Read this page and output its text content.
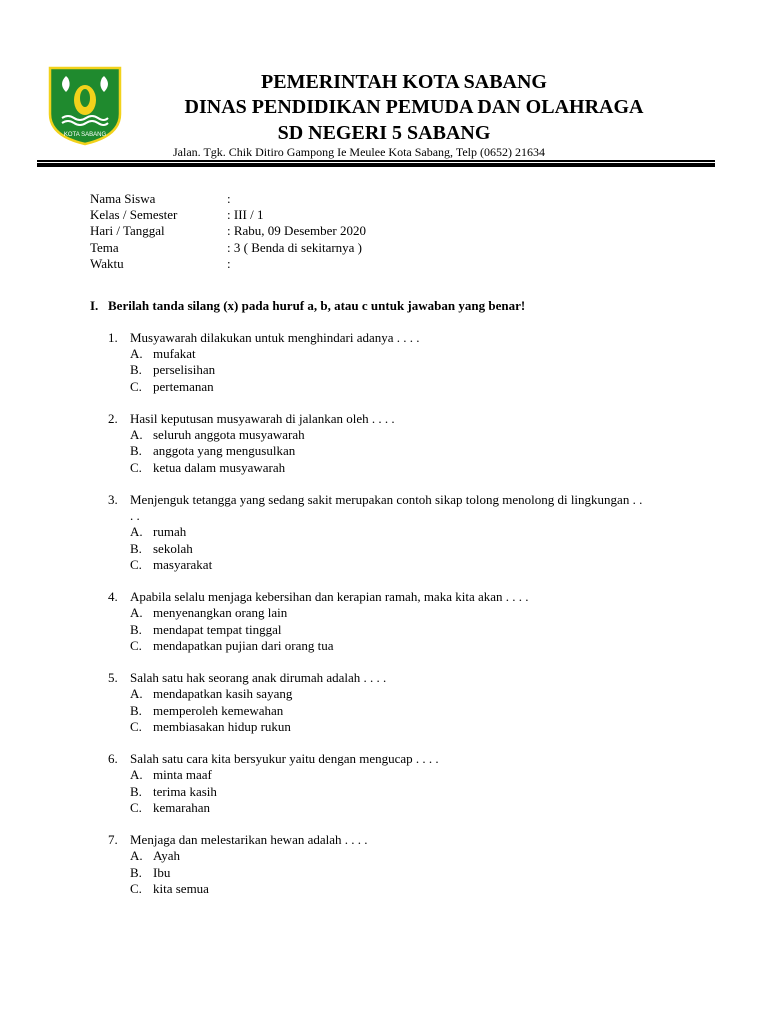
KOTA SABANG
PEMERINTAH KOTA SABANG
DINAS PENDIDIKAN PEMUDA DAN OLAHRAGA
SD NEGERI 5 SABANG
Jalan. Tgk. Chik Ditiro Gampong Ie Meulee Kota Sabang, Telp (0652) 21634
Nama Siswa	:
Kelas / Semester	: III / 1
Hari / Tanggal	: Rabu, 09 Desember 2020
Tema	: 3 ( Benda di sekitarnya )
Waktu	:
I. Berilah tanda silang (x) pada huruf a, b, atau c untuk jawaban yang benar!
1. Musyawarah dilakukan untuk menghindari adanya . . . .
A. mufakat
B. perselisihan
C. pertemanan
2. Hasil keputusan musyawarah di jalankan oleh . . . .
A. seluruh anggota musyawarah
B. anggota yang mengusulkan
C. ketua dalam musyawarah
3. Menjenguk tetangga yang sedang sakit merupakan contoh sikap tolong menolong di lingkungan . . . .
A. rumah
B. sekolah
C. masyarakat
4. Apabila selalu menjaga kebersihan dan kerapian ramah, maka kita akan . . . .
A. menyenangkan orang lain
B. mendapat tempat tinggal
C. mendapatkan pujian dari orang tua
5. Salah satu hak seorang anak dirumah adalah . . . .
A. mendapatkan kasih sayang
B. memperoleh kemewahan
C. membiasakan hidup rukun
6. Salah satu cara kita bersyukur yaitu dengan mengucap . . . .
A. minta maaf
B. terima kasih
C. kemarahan
7. Menjaga dan melestarikan hewan adalah . . . .
A. Ayah
B. Ibu
C. kita semua
